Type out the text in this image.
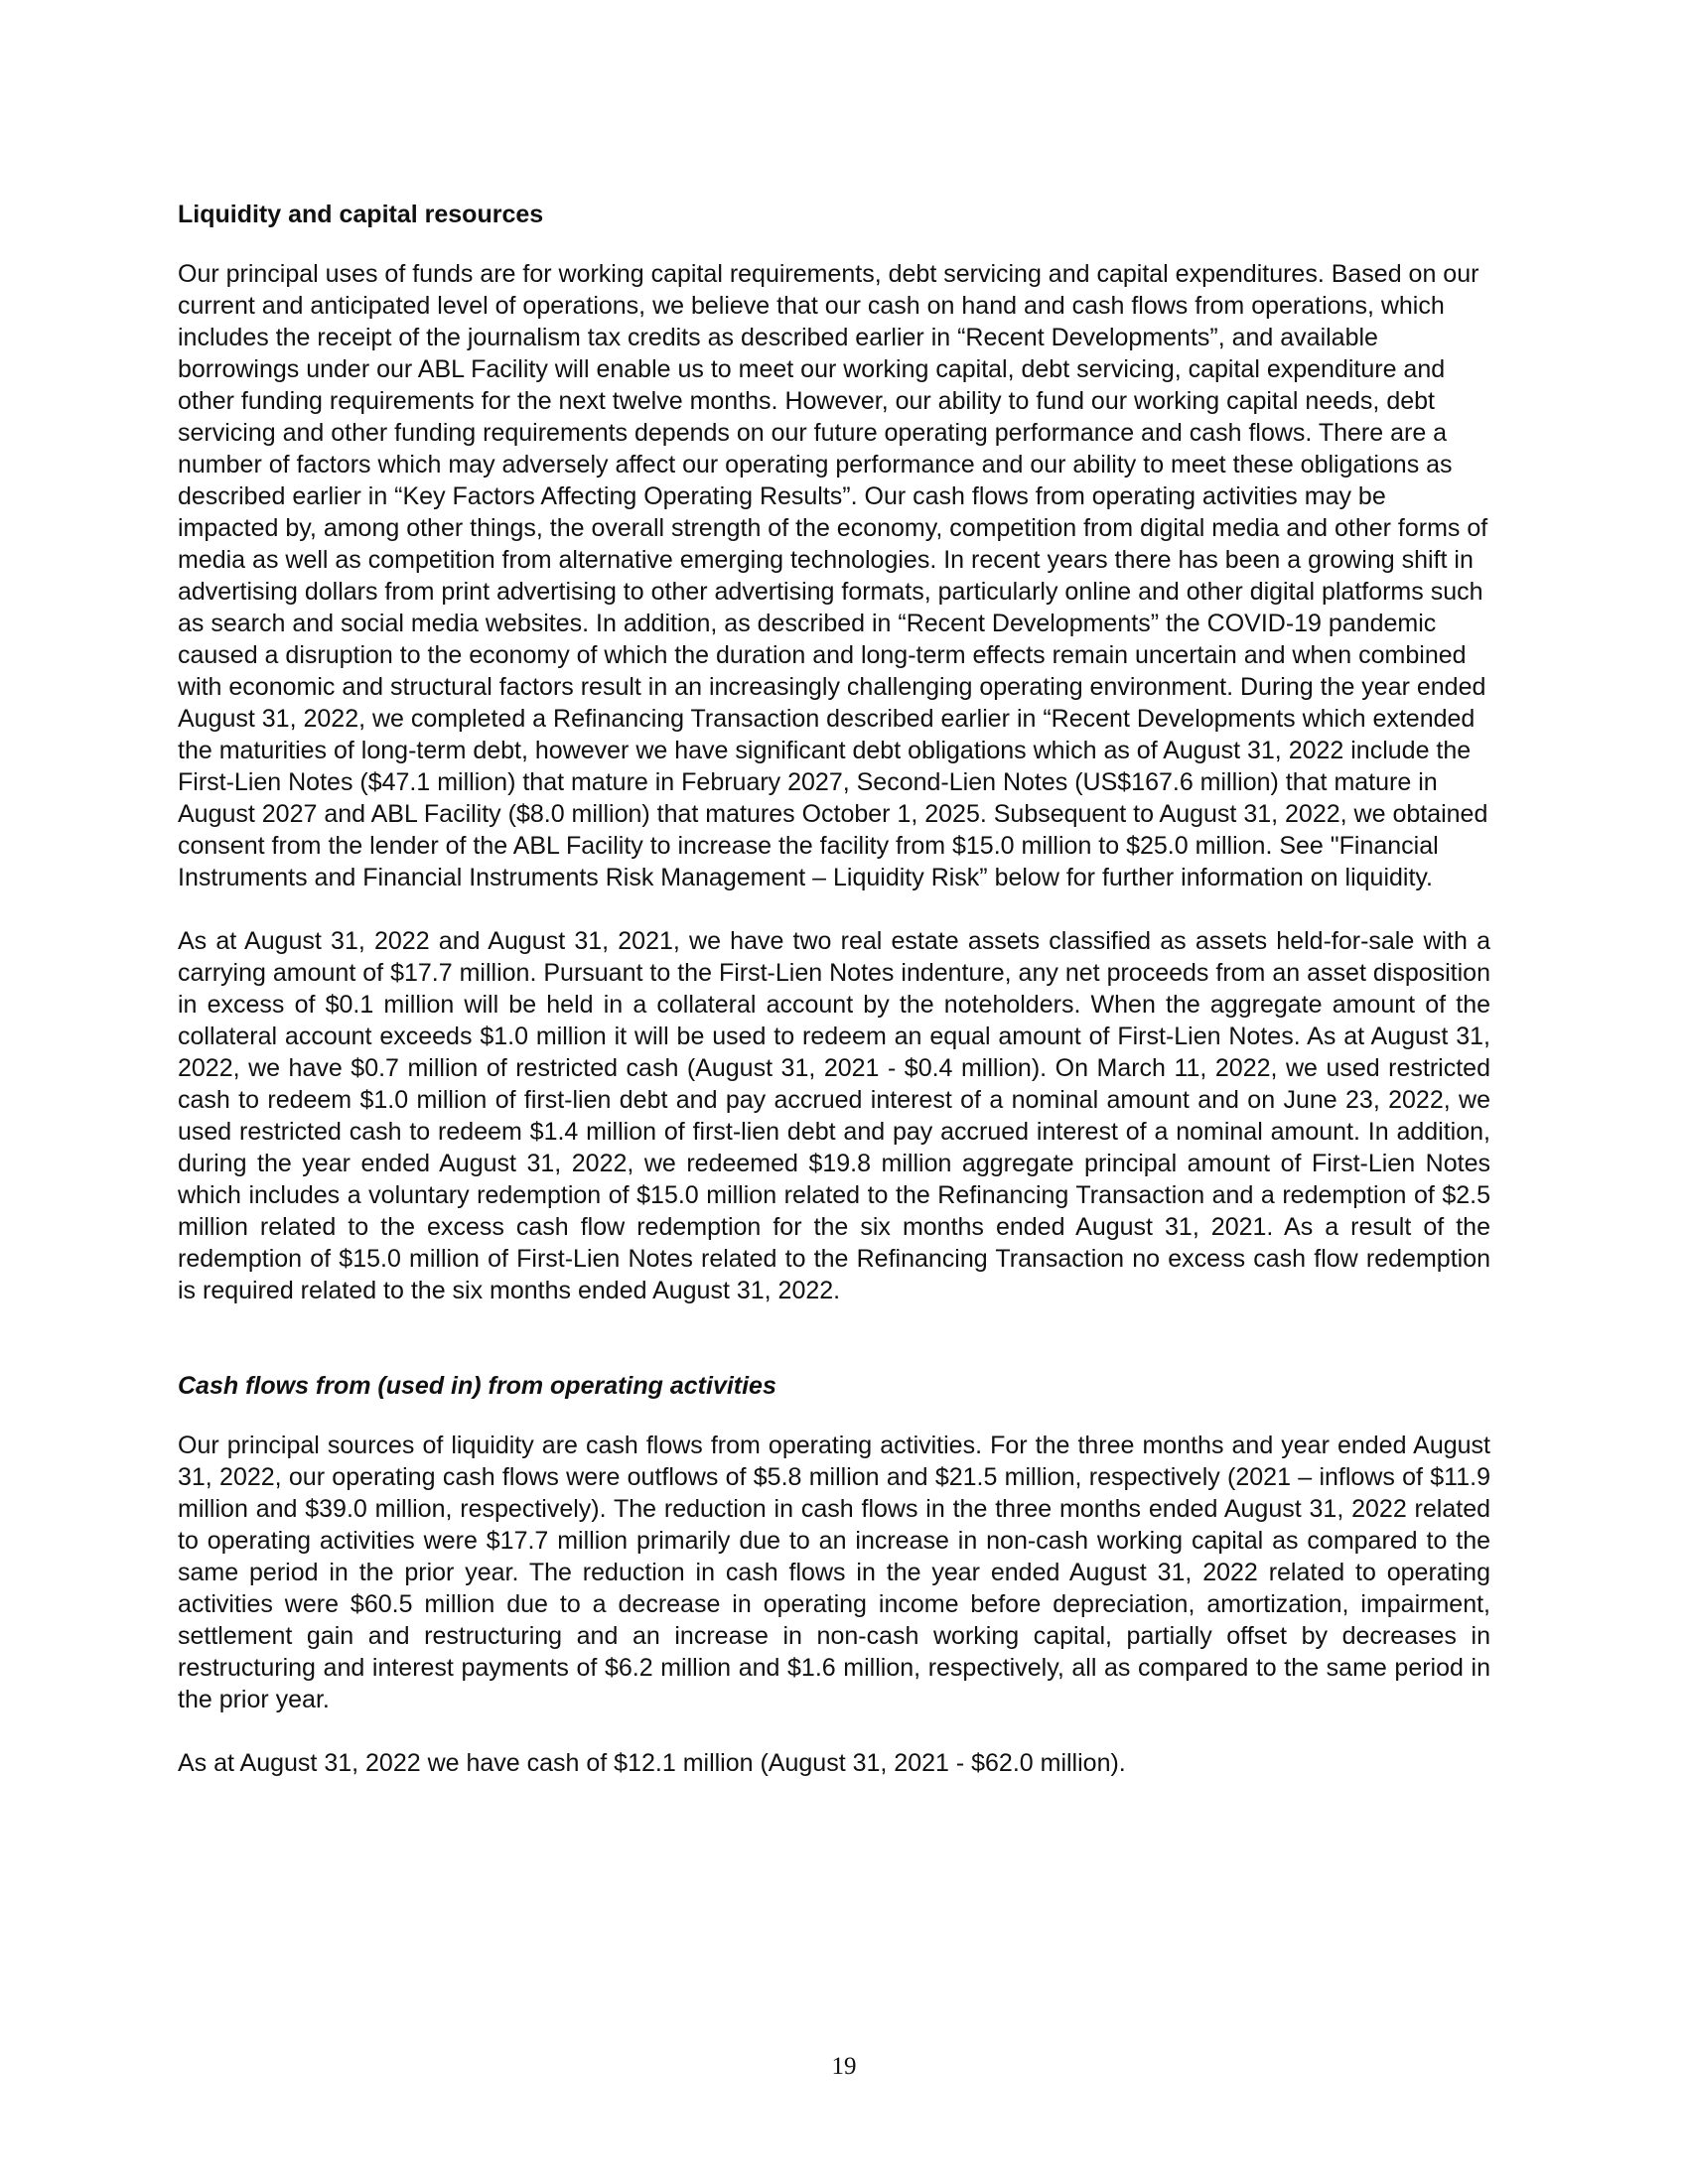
Liquidity and capital resources

Our principal uses of funds are for working capital requirements, debt servicing and capital expenditures. Based on our current and anticipated level of operations, we believe that our cash on hand and cash flows from operations, which includes the receipt of the journalism tax credits as described earlier in “Recent Developments”, and available borrowings under our ABL Facility will enable us to meet our working capital, debt servicing, capital expenditure and other funding requirements for the next twelve months. However, our ability to fund our working capital needs, debt servicing and other funding requirements depends on our future operating performance and cash flows. There are a number of factors which may adversely affect our operating performance and our ability to meet these obligations as described earlier in “Key Factors Affecting Operating Results”. Our cash flows from operating activities may be impacted by, among other things, the overall strength of the economy, competition from digital media and other forms of media as well as competition from alternative emerging technologies. In recent years there has been a growing shift in advertising dollars from print advertising to other advertising formats, particularly online and other digital platforms such as search and social media websites. In addition, as described in “Recent Developments” the COVID-19 pandemic caused a disruption to the economy of which the duration and long-term effects remain uncertain and when combined with economic and structural factors result in an increasingly challenging operating environment. During the year ended August 31, 2022, we completed a Refinancing Transaction described earlier in “Recent Developments which extended the maturities of long-term debt, however we have significant debt obligations which as of August 31, 2022 include the First-Lien Notes ($47.1 million) that mature in February 2027, Second-Lien Notes (US$167.6 million) that mature in August 2027 and ABL Facility ($8.0 million) that matures October 1, 2025. Subsequent to August 31, 2022, we obtained consent from the lender of the ABL Facility to increase the facility from $15.0 million to $25.0 million. See "Financial Instruments and Financial Instruments Risk Management – Liquidity Risk” below for further information on liquidity.

As at August 31, 2022 and August 31, 2021, we have two real estate assets classified as assets held-for-sale with a carrying amount of $17.7 million. Pursuant to the First-Lien Notes indenture, any net proceeds from an asset disposition in excess of $0.1 million will be held in a collateral account by the noteholders. When the aggregate amount of the collateral account exceeds $1.0 million it will be used to redeem an equal amount of First-Lien Notes. As at August 31, 2022, we have $0.7 million of restricted cash (August 31, 2021 - $0.4 million). On March 11, 2022, we used restricted cash to redeem $1.0 million of first-lien debt and pay accrued interest of a nominal amount and on June 23, 2022, we used restricted cash to redeem $1.4 million of first-lien debt and pay accrued interest of a nominal amount. In addition, during the year ended August 31, 2022, we redeemed $19.8 million aggregate principal amount of First-Lien Notes which includes a voluntary redemption of $15.0 million related to the Refinancing Transaction and a redemption of $2.5 million related to the excess cash flow redemption for the six months ended August 31, 2021. As a result of the redemption of $15.0 million of First-Lien Notes related to the Refinancing Transaction no excess cash flow redemption is required related to the six months ended August 31, 2022.

Cash flows from (used in) from operating activities

Our principal sources of liquidity are cash flows from operating activities. For the three months and year ended August 31, 2022, our operating cash flows were outflows of $5.8 million and $21.5 million, respectively (2021 – inflows of $11.9 million and $39.0 million, respectively). The reduction in cash flows in the three months ended August 31, 2022 related to operating activities were $17.7 million primarily due to an increase in non-cash working capital as compared to the same period in the prior year. The reduction in cash flows in the year ended August 31, 2022 related to operating activities were $60.5 million due to a decrease in operating income before depreciation, amortization, impairment, settlement gain and restructuring and an increase in non-cash working capital, partially offset by decreases in restructuring and interest payments of $6.2 million and $1.6 million, respectively, all as compared to the same period in the prior year.

As at August 31, 2022 we have cash of $12.1 million (August 31, 2021 - $62.0 million).

19
